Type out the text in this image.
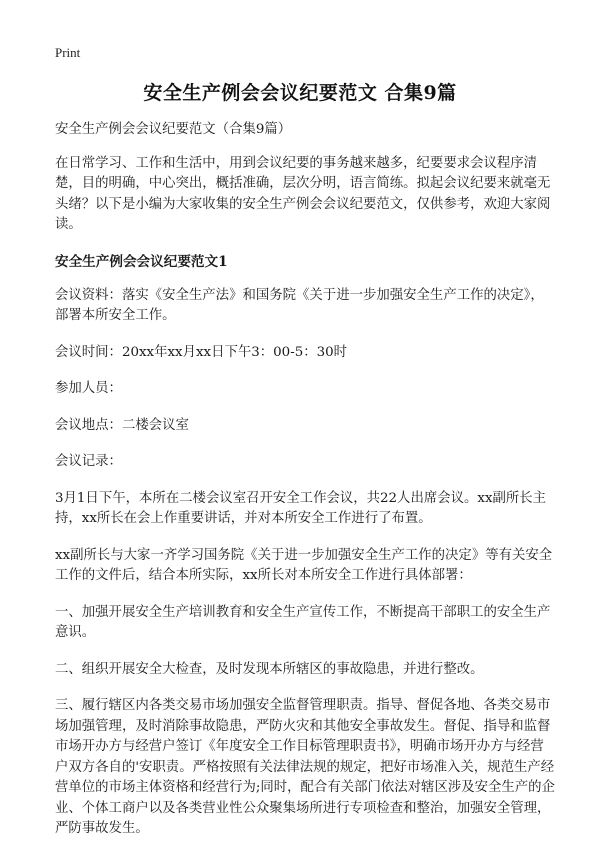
Print
安全生产例会会议纪要范文 合集9篇

安全生产例会会议纪要范文（合集9篇）

在日常学习、工作和生活中，用到会议纪要的事务越来越多，纪要要求会议程序清楚，目的明确，中心突出，概括准确，层次分明，语言简练。拟起会议纪要来就毫无头绪？以下是小编为大家收集的安全生产例会会议纪要范文，仅供参考，欢迎大家阅读。

安全生产例会会议纪要范文1

会议资料：落实《安全生产法》和国务院《关于进一步加强安全生产工作的决定》，部署本所安全工作。

会议时间：20xx年xx月xx日下午3：00-5：30时

参加人员：

会议地点：二楼会议室

会议记录：

3月1日下午，本所在二楼会议室召开安全工作会议，共22人出席会议。xx副所长主持，xx所长在会上作重要讲话，并对本所安全工作进行了布置。

xx副所长与大家一齐学习国务院《关于进一步加强安全生产工作的决定》等有关安全工作的文件后，结合本所实际，xx所长对本所安全工作进行具体部署：

一、加强开展安全生产培训教育和安全生产宣传工作，不断提高干部职工的安全生产意识。

二、组织开展安全大检查，及时发现本所辖区的事故隐患，并进行整改。

三、履行辖区内各类交易市场加强安全监督管理职责。指导、督促各地、各类交易市场加强管理，及时消除事故隐患，严防火灾和其他安全事故发生。督促、指导和监督市场开办方与经营户签订《年度安全工作目标管理职责书》，明确市场开办方与经营户双方各自的'安职责。严格按照有关法律法规的规定，把好市场准入关，规范生产经营单位的市场主体资格和经营行为;同时，配合有关部门依法对辖区涉及安全生产的企业、个体工商户以及各类营业性公众聚集场所进行专项检查和整治，加强安全管理，严防事故发生。
